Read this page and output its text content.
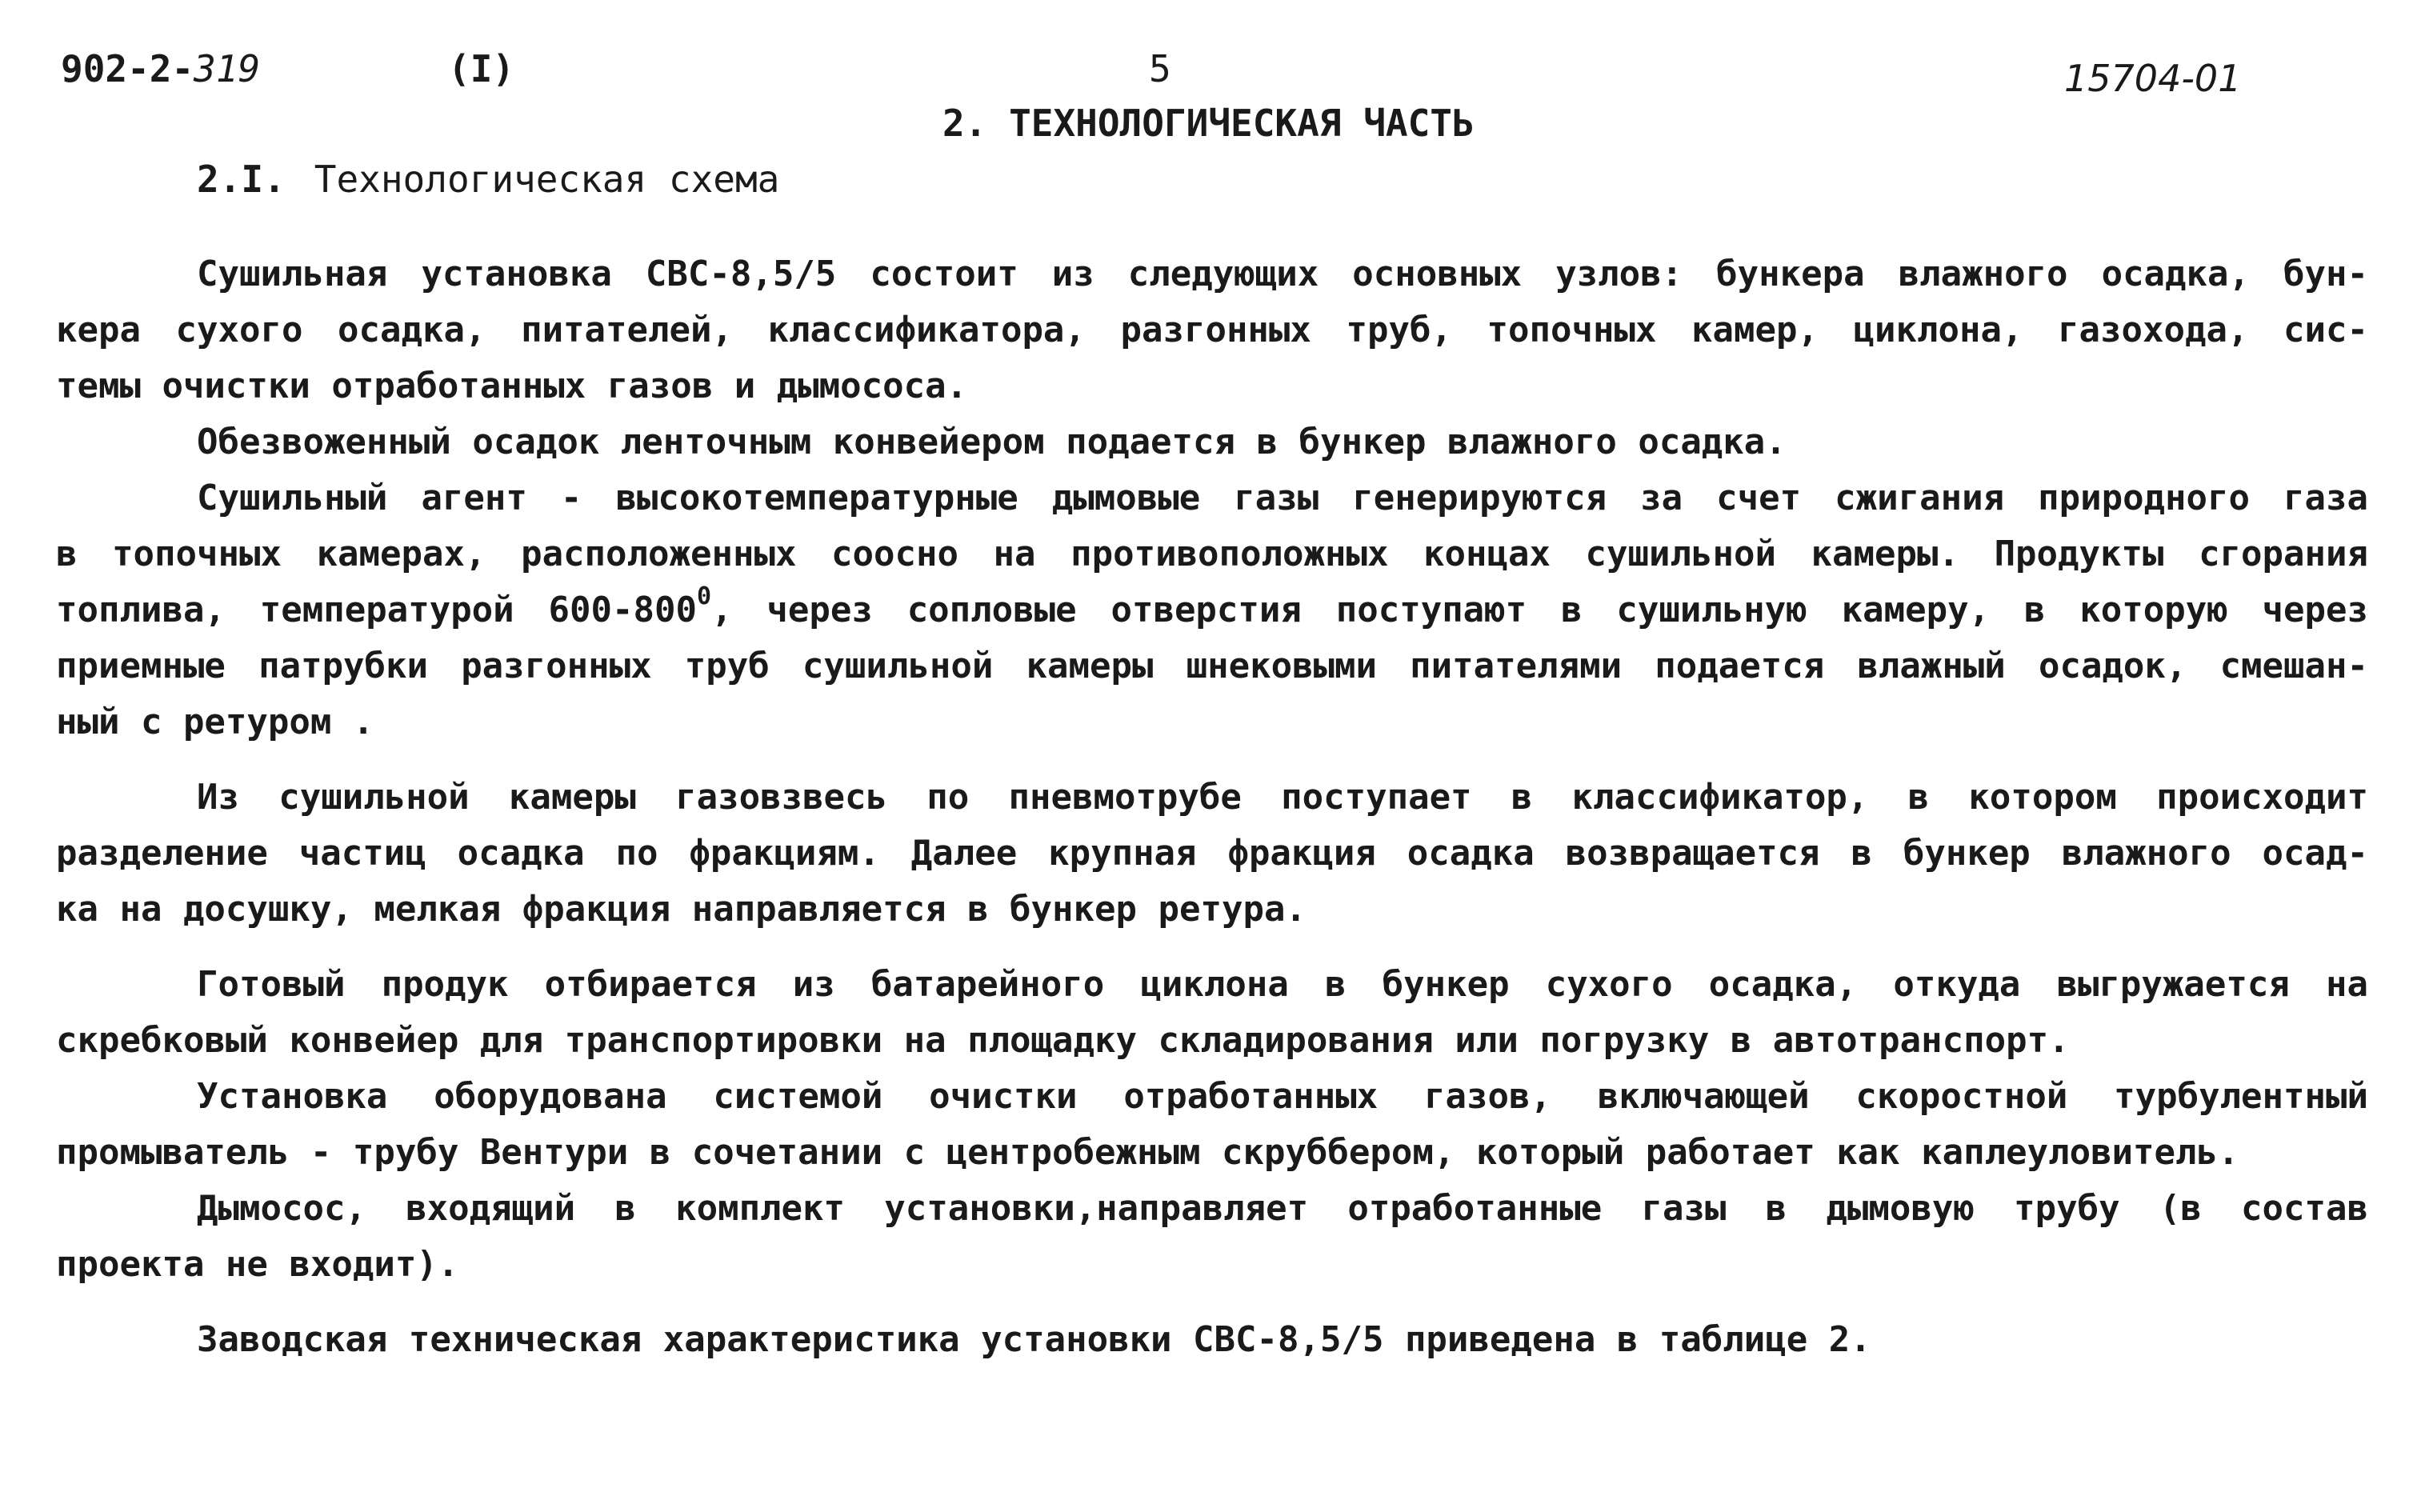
902-2-319	(I)	5	15704-01
2. ТЕХНОЛОГИЧЕСКАЯ ЧАСТЬ
2.I. Технологическая схема
Сушильная установка СВС-8,5/5 состоит из следующих основных узлов: бункера влажного осадка, бун-
кера сухого осадка, питателей, классификатора, разгонных труб, топочных камер, циклона, газохода, сис-
темы очистки отработанных газов и дымососа.
Обезвоженный осадок ленточным конвейером подается в бункер влажного осадка.
Сушильный агент - высокотемпературные дымовые газы генерируются за счет сжигания природного газа
в топочных камерах, расположенных соосно на противоположных концах сушильной камеры. Продукты сгорания
топлива, температурой $600-800^0$, через сопловые отверстия поступают в сушильную камеру, в которую через
приемные патрубки разгонных труб сушильной камеры шнековыми питателями подается влажный осадок, смешан-
ный с ретуром .
Из сушильной камеры газовзвесь по пневмотрубе поступает в классификатор, в котором происходит
разделение частиц осадка по фракциям. Далее крупная фракция осадка возвращается в бункер влажного осад-
ка на досушку, мелкая фракция направляется в бункер ретура.
Готовый продук отбирается из батарейного циклона в бункер сухого осадка, откуда выгружается на
скребковый конвейер для транспортировки на площадку складирования или погрузку в автотранспорт.
Установка оборудована системой очистки отработанных газов, включающей скоростной турбулентный
промыватель - трубу Вентури в сочетании с центробежным скруббером, который работает как каплеуловитель.
Дымосос, входящий в комплект установки,направляет отработанные газы в дымовую трубу (в состав
проекта не входит).
Заводская техническая характеристика установки СВС-8,5/5 приведена в таблице 2.
